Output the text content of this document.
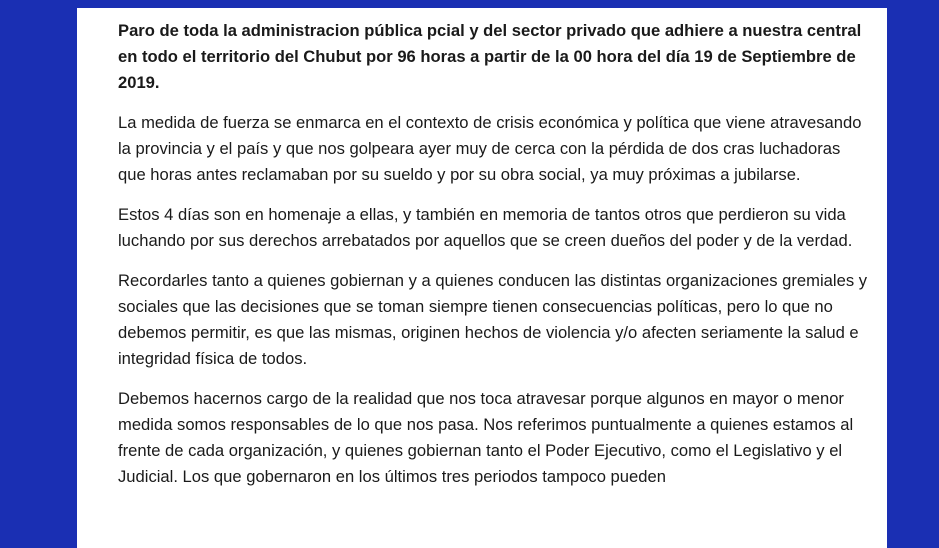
Paro de toda la administracion pública pcial y del sector privado que adhiere a nuestra central en todo el territorio del Chubut por 96 horas a partir de la 00 hora del día 19 de Septiembre de 2019.

La medida de fuerza se enmarca en el contexto de crisis económica y política que viene atravesando la provincia y el país y que nos golpeara ayer muy de cerca con la pérdida de dos cras luchadoras que horas antes reclamaban por su sueldo y por su obra social, ya muy próximas a jubilarse.

Estos 4 días son en homenaje a ellas, y también en memoria de tantos otros que perdieron su vida luchando por sus derechos arrebatados por aquellos que se creen dueños del poder y de la verdad.

Recordarles tanto a quienes gobiernan y a quienes conducen las distintas organizaciones gremiales y sociales que las decisiones que se toman siempre tienen consecuencias políticas, pero lo que no debemos permitir, es que las mismas, originen hechos de violencia y/o afecten seriamente la salud e integridad física de todos.

Debemos hacernos cargo de la realidad que nos toca atravesar porque algunos en mayor o menor medida somos responsables de lo que nos pasa. Nos referimos puntualmente a quienes estamos al frente de cada organización, y quienes gobiernan tanto el Poder Ejecutivo, como el Legislativo y el Judicial. Los que gobernaron en los últimos tres periodos tampoco pueden
